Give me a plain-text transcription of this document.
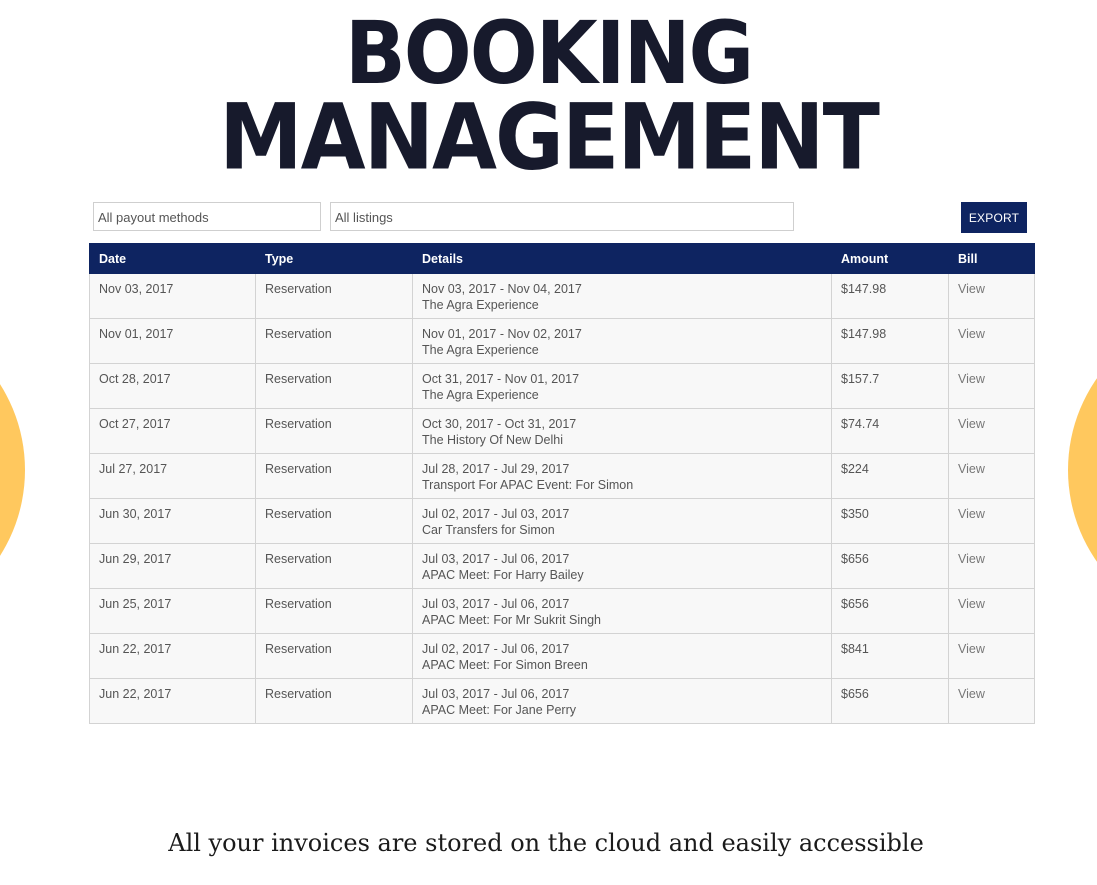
BOOKING
MANAGEMENT
All payout methods	All listings	EXPORT
Date	Type	Details	Amount	Bill
Nov 03, 2017	Reservation	Nov 03, 2017 - Nov 04, 2017
The Agra Experience	$147.98	View
Nov 01, 2017	Reservation	Nov 01, 2017 - Nov 02, 2017
The Agra Experience	$147.98	View
Oct 28, 2017	Reservation	Oct 31, 2017 - Nov 01, 2017
The Agra Experience	$157.7	View
Oct 27, 2017	Reservation	Oct 30, 2017 - Oct 31, 2017
The History Of New Delhi	$74.74	View
Jul 27, 2017	Reservation	Jul 28, 2017 - Jul 29, 2017
Transport For APAC Event: For Simon	$224	View
Jun 30, 2017	Reservation	Jul 02, 2017 - Jul 03, 2017
Car Transfers for Simon	$350	View
Jun 29, 2017	Reservation	Jul 03, 2017 - Jul 06, 2017
APAC Meet: For Harry Bailey	$656	View
Jun 25, 2017	Reservation	Jul 03, 2017 - Jul 06, 2017
APAC Meet: For Mr Sukrit Singh	$656	View
Jun 22, 2017	Reservation	Jul 02, 2017 - Jul 06, 2017
APAC Meet: For Simon Breen	$841	View
Jun 22, 2017	Reservation	Jul 03, 2017 - Jul 06, 2017
APAC Meet: For Jane Perry	$656	View
All your invoices are stored on the cloud and easily accessible
